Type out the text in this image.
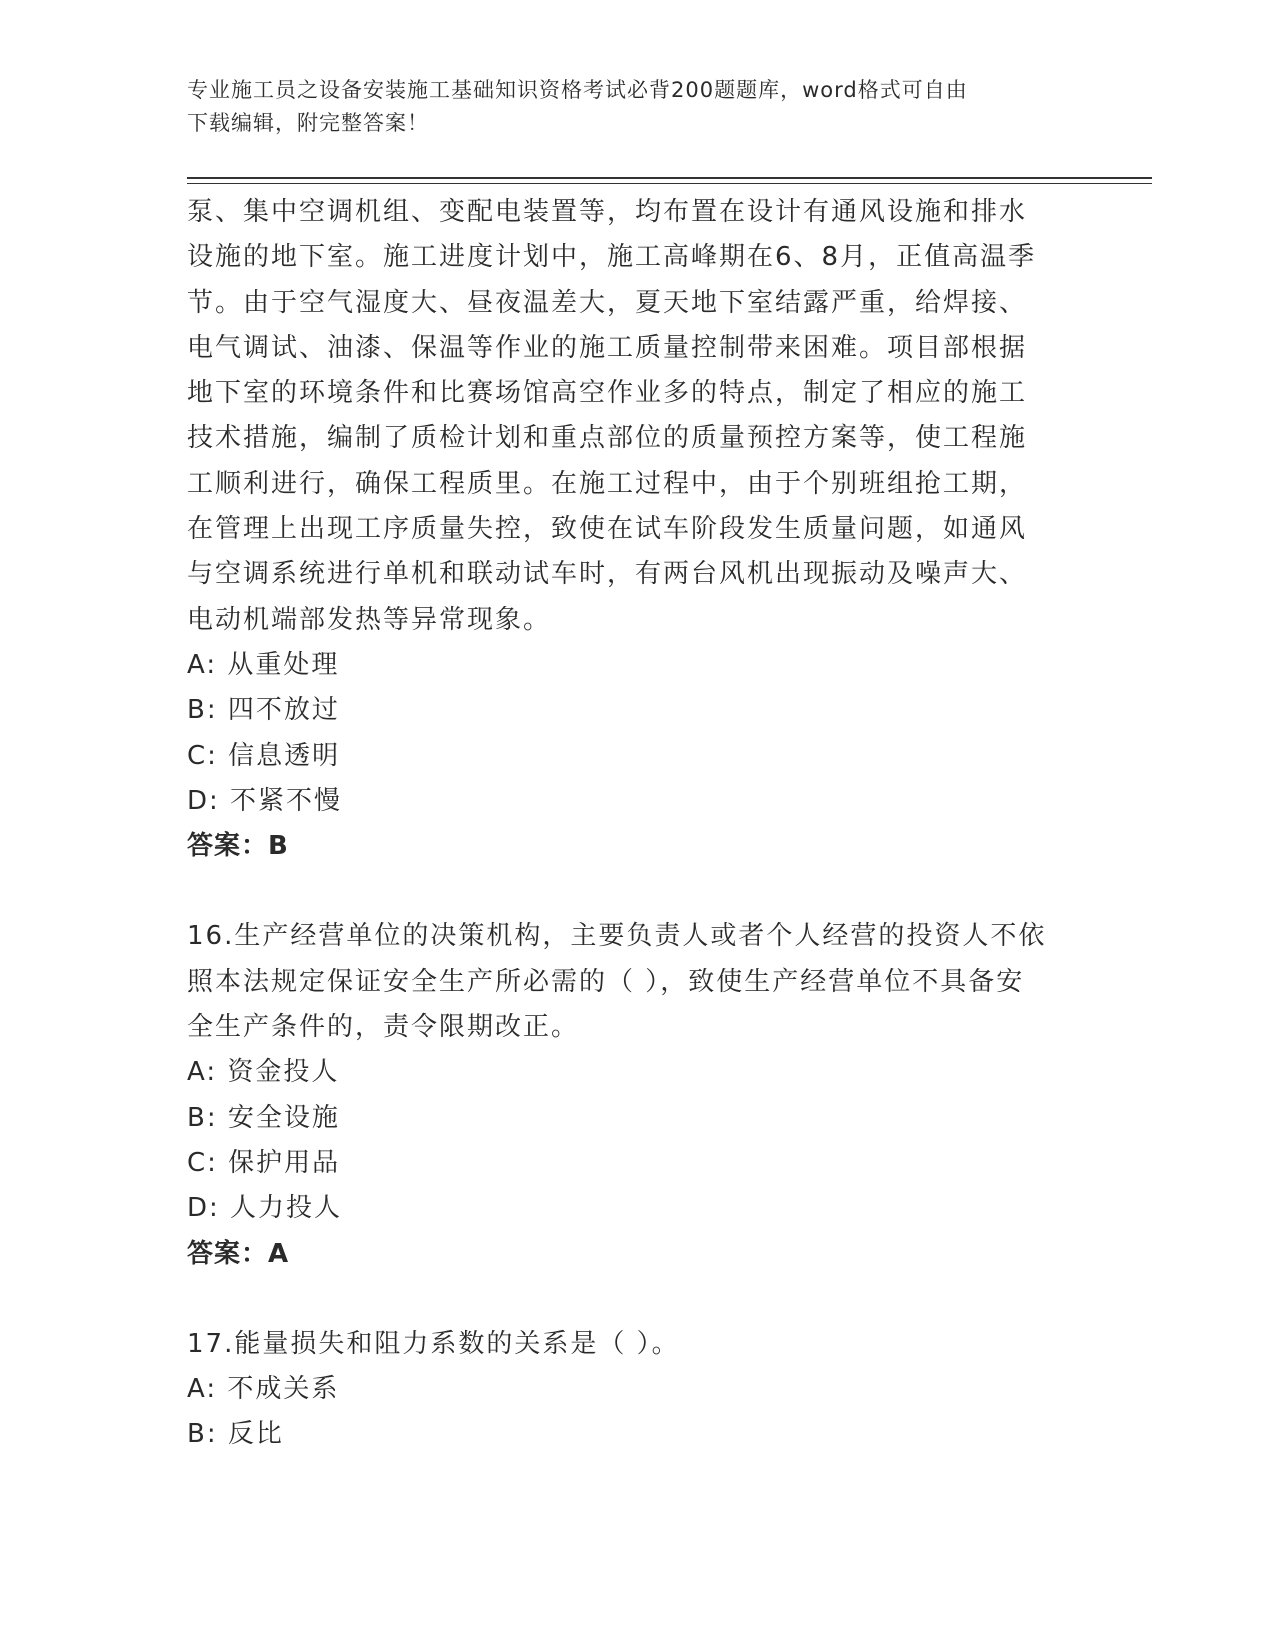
专业施工员之设备安装施工基础知识资格考试必背200题题库，word格式可自由
下载编辑，附完整答案！

泵、集中空调机组、变配电装置等，均布置在设计有通风设施和排水

设施的地下室。施工进度计划中，施工高峰期在6、8月，正值高温季

节。由于空气湿度大、昼夜温差大，夏天地下室结露严重，给焊接、

电气调试、油漆、保温等作业的施工质量控制带来困难。项目部根据

地下室的环境条件和比赛场馆高空作业多的特点，制定了相应的施工

技术措施，编制了质检计划和重点部位的质量预控方案等，使工程施

工顺利进行，确保工程质里。在施工过程中，由于个别班组抢工期，

在管理上出现工序质量失控，致使在试车阶段发生质量问题，如通风

与空调系统进行单机和联动试车时，有两台风机出现振动及噪声大、

电动机端部发热等异常现象。

A: 从重处理

B: 四不放过

C: 信息透明

D: 不紧不慢

答案：B

16.生产经营单位的决策机构，主要负责人或者个人经营的投资人不依

照本法规定保证安全生产所必需的（ ），致使生产经营单位不具备安

全生产条件的，责令限期改正。

A: 资金投人

B: 安全设施

C: 保护用品

D: 人力投人

答案：A

17.能量损失和阻力系数的关系是（ ）。

A: 不成关系

B: 反比
